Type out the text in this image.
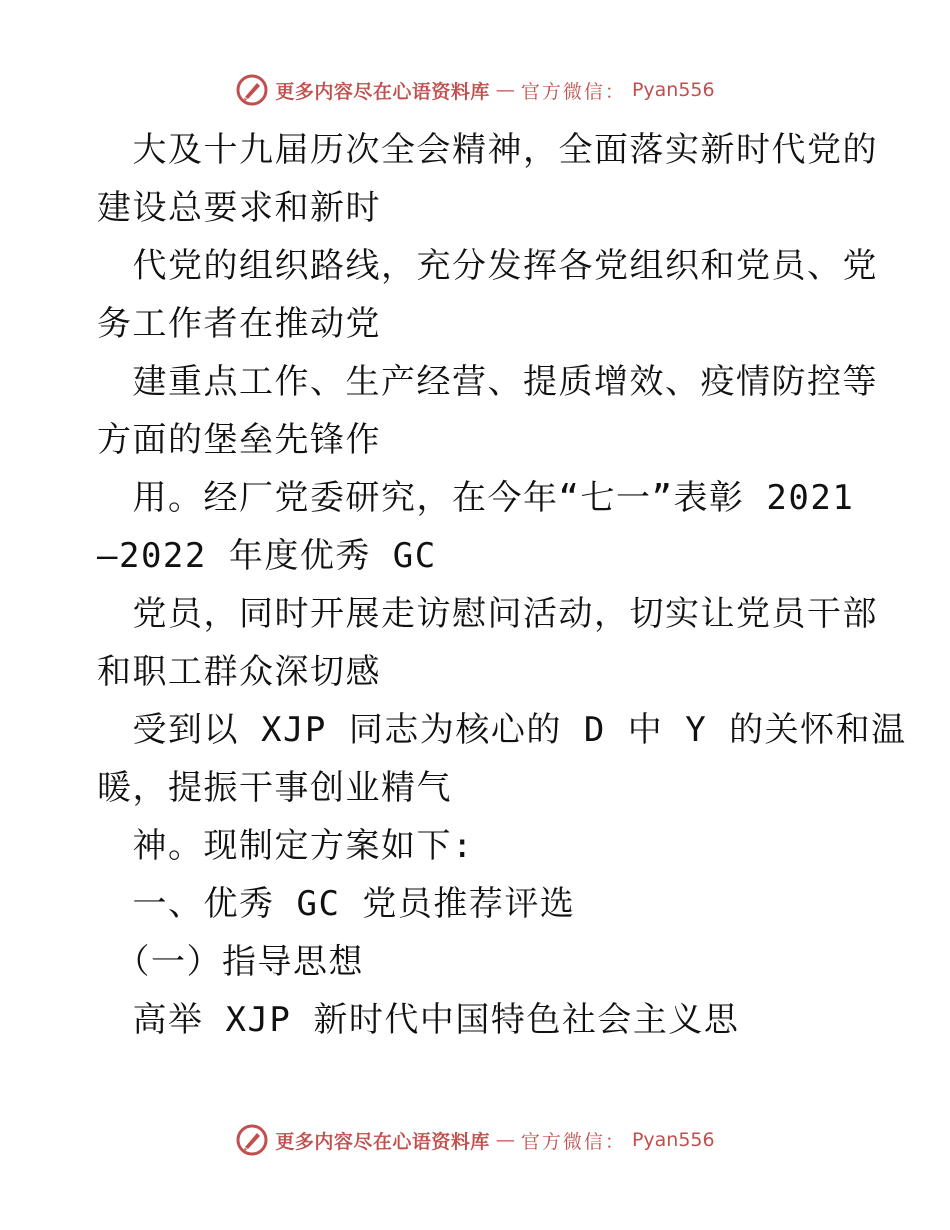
更多内容尽在心语资料库 — 官方微信： Pyan556
　大及十九届历次全会精神，全面落实新时代党的
建设总要求和新时
　代党的组织路线，充分发挥各党组织和党员、党
务工作者在推动党
　建重点工作、生产经营、提质增效、疫情防控等
方面的堡垒先锋作
　用。经厂党委研究，在今年“七一”表彰 2021
—2022 年度优秀 GC
　党员，同时开展走访慰问活动，切实让党员干部
和职工群众深切感
　受到以 XJP 同志为核心的 D 中 Y 的关怀和温
暖，提振干事创业精气
　神。现制定方案如下:
　一、优秀 GC 党员推荐评选
　（一）指导思想
　高举 XJP 新时代中国特色社会主义思
更多内容尽在心语资料库 — 官方微信： Pyan556
